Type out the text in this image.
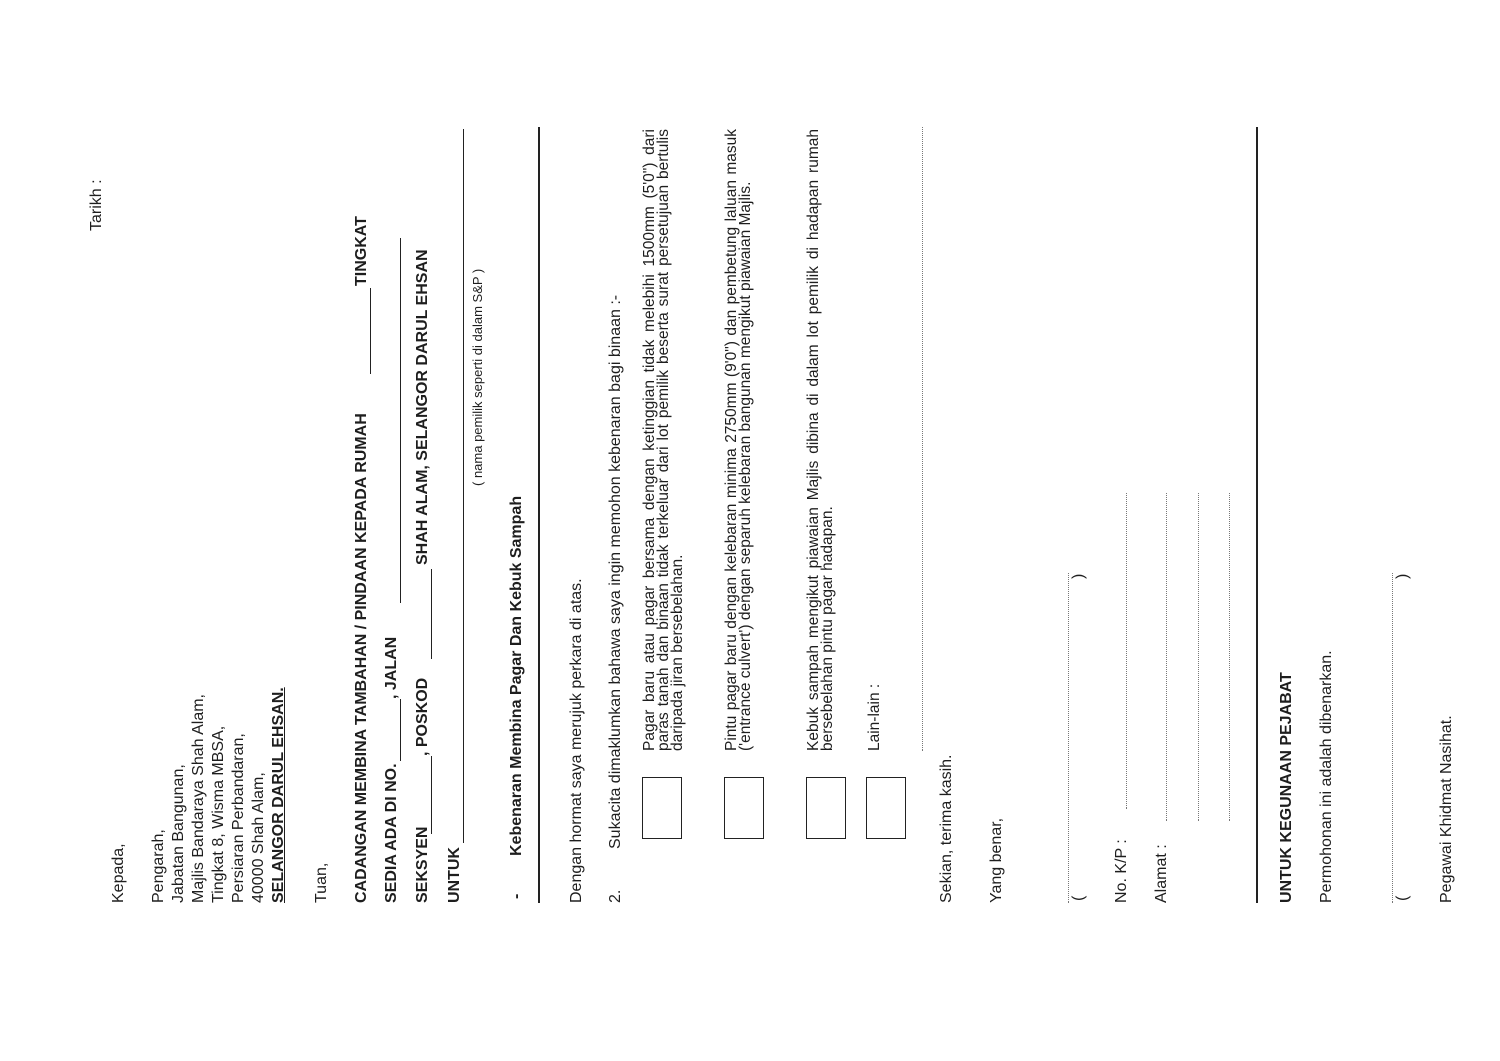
Tarikh :
Kepada, Pengarah, Jabatan Bangunan, Majlis Bandaraya Shah Alam, Tingkat 8, Wisma MBSA, Persiaran Perbandaran, 40000 Shah Alam, SELANGOR DARUL EHSAN. Tuan, CADANGAN MEMBINA TAMBAHAN / PINDAAN KEPADA RUMAH
TINGKAT
SEDIA ADA DI NO.
, JALAN
SEKSYEN
, POSKOD
SHAH ALAM, SELANGOR DARUL EHSAN
UNTUK
( nama pemilik seperti di dalam S&P )
-
Kebenaran Membina Pagar Dan Kebuk Sampah	Dengan hormat saya merujuk perkara di atas. 2.
Sukacita dimaklumkan bahawa saya ingin memohon kebenaran bagi binaan :- Pagar baru atau pagar bersama dengan ketinggian tidak melebihi 1500mm (5'0") dari paras tanah dan binaan tidak terkeluar dari lot pemilik beserta surat persetujuan bertulis daripada jiran bersebelahan. Pintu pagar baru dengan kelebaran minima 2750mm (9'0") dan pembetung laluan masuk ('entrance culvert') dengan separuh kelebaran bangunan mengikut piawaian Majlis.	Kebuk sampah mengikut piawaian Majlis dibina di dalam lot pemilik di hadapan rumah bersebelahan pintu pagar hadapan. Lain-lain :
Sekian, terima kasih. Yang benar,	(
)
No. K/P : Alamat :	UNTUK KEGUNAAN PEJABAT Permohonan ini adalah dibenarkan.	(
)
Pegawai Khidmat Nasihat.
